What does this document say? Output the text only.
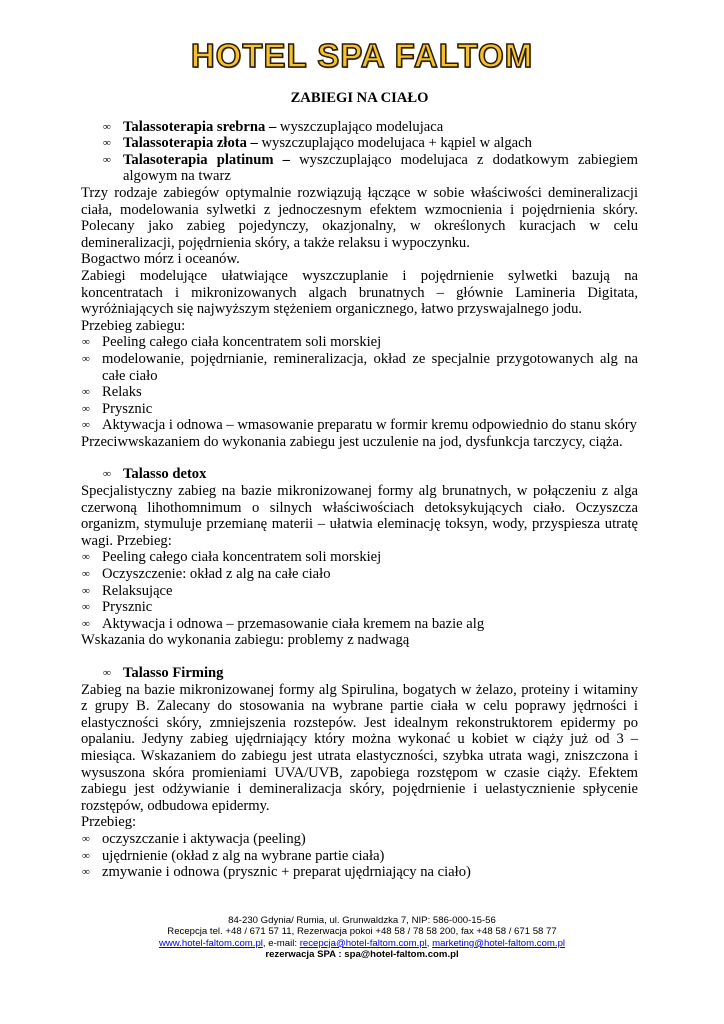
HOTEL SPA FALTOM
ZABIEGI NA CIAŁO
∞ Talassoterapia srebrna – wyszczuplająco modelujaca
∞ Talassoterapia złota – wyszczuplająco modelujaca + kąpiel w algach
∞ Talasoterapia platinum – wyszczuplająco modelujaca z dodatkowym zabiegiem algowym na twarz

Trzy rodzaje zabiegów optymalnie rozwiązują łączące w sobie właściwości demineralizacji ciała, modelowania sylwetki z jednoczesnym efektem wzmocnienia i pojędrnienia skóry. Polecany jako zabieg pojedynczy, okazjonalny, w określonych kuracjach w celu demineralizacji, pojędrnienia skóry, a także relaksu i wypoczynku.

Bogactwo mórz i oceanów.

Zabiegi modelujące ułatwiające wyszczuplanie i pojędrnienie sylwetki bazują na koncentratach i mikronizowanych algach brunatnych – głównie Lamineria Digitata, wyróżniających się najwyższym stężeniem organicznego, łatwo przyswajalnego jodu.

Przebieg zabiegu:

∞ Peeling całego ciała koncentratem soli morskiej
∞ modelowanie, pojędrnianie, remineralizacja, okład ze specjalnie przygotowanych alg na całe ciało
∞ Relaks
∞ Prysznic
∞ Aktywacja i odnowa – wmasowanie preparatu w formir kremu odpowiednio do stanu skóry

Przeciwwskazaniem do wykonania zabiegu jest uczulenie na jod, dysfunkcja tarczycy, ciąża.

∞ Talasso detox

Specjalistyczny zabieg na bazie mikronizowanej formy alg brunatnych, w połączeniu z alga czerwoną lihothomnimum o silnych właściwościach detoksykujących ciało. Oczyszcza organizm, stymuluje przemianę materii – ułatwia eleminację toksyn, wody, przyspiesza utratę wagi. Przebieg:

∞ Peeling całego ciała koncentratem soli morskiej
∞ Oczyszczenie: okład z alg na całe ciało
∞ Relaksujące
∞ Prysznic
∞ Aktywacja i odnowa – przemasowanie ciała kremem na bazie alg

Wskazania do wykonania zabiegu: problemy z nadwagą

∞ Talasso Firming

Zabieg na bazie mikronizowanej formy alg Spirulina, bogatych w żelazo, proteiny i witaminy z grupy B. Zalecany do stosowania na wybrane partie ciała w celu poprawy jędrności i elastyczności skóry, zmniejszenia rozstepów. Jest idealnym rekonstruktorem epidermy po opalaniu. Jedyny zabieg ujędrniający który można wykonać u kobiet w ciąży już od 3 – miesiąca. Wskazaniem do zabiegu jest utrata elastyczności, szybka utrata wagi, zniszczona i wysuszona skóra promieniami UVA/UVB, zapobiega rozstępom w czasie ciąży. Efektem zabiegu jest odżywianie i demineralizacja skóry, pojędrnienie i uelastycznienie spłycenie rozstępów, odbudowa epidermy.

Przebieg:

∞ oczyszczanie i aktywacja (peeling)
∞ ujędrnienie (okład z alg na wybrane partie ciała)
∞ zmywanie i odnowa (prysznic + preparat ujędrniający na ciało)
84-230 Gdynia/ Rumia, ul. Grunwaldzka 7, NIP: 586-000-15-56
Recepcja tel. +48 / 671 57 11, Rezerwacja pokoi +48 58 / 78 58 200, fax +48 58 / 671 58 77
www.hotel-faltom.com.pl, e-mail: recepcja@hotel-faltom.com.pl, marketing@hotel-faltom.com.pl
rezerwacja SPA : spa@hotel-faltom.com.pl
